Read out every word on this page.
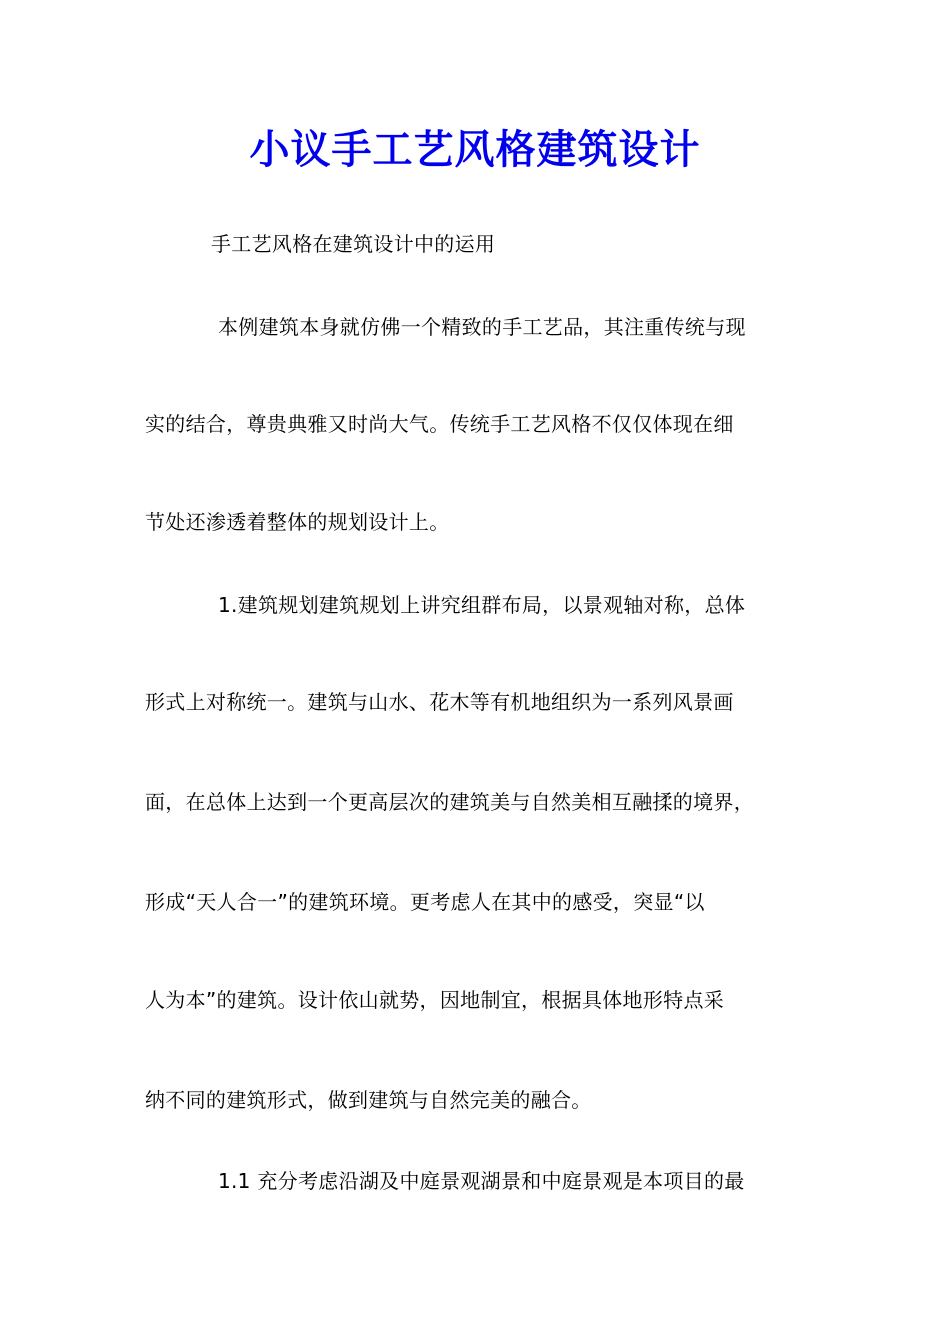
小议手工艺风格建筑设计
手工艺风格在建筑设计中的运用
本例建筑本身就仿佛一个精致的手工艺品，其注重传统与现
实的结合，尊贵典雅又时尚大气。传统手工艺风格不仅仅体现在细
节处还渗透着整体的规划设计上。
1.建筑规划建筑规划上讲究组群布局，以景观轴对称，总体
形式上对称统一。建筑与山水、花木等有机地组织为一系列风景画
面，在总体上达到一个更高层次的建筑美与自然美相互融揉的境界，
形成“天人合一”的建筑环境。更考虑人在其中的感受，突显“以
人为本”的建筑。设计依山就势，因地制宜，根据具体地形特点采
纳不同的建筑形式，做到建筑与自然完美的融合。
1.1 充分考虑沿湖及中庭景观湖景和中庭景观是本项目的最
